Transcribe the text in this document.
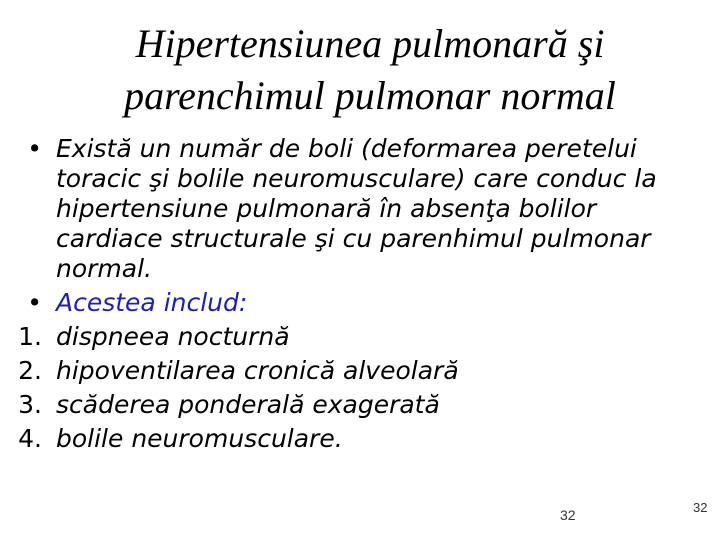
Hipertensiunea pulmonară şi
parenchimul pulmonar normal
• Există un număr de boli (deformarea peretelui
toracic şi bolile neuromusculare) care conduc la
hipertensiune pulmonară în absenţa bolilor
cardiace structurale şi cu parenhimul pulmonar
normal.
• Acestea includ:
1. dispneea nocturnă
2. hipoventilarea cronică alveolară
3. scăderea ponderală exagerată
4. bolile neuromusculare.
32	32
